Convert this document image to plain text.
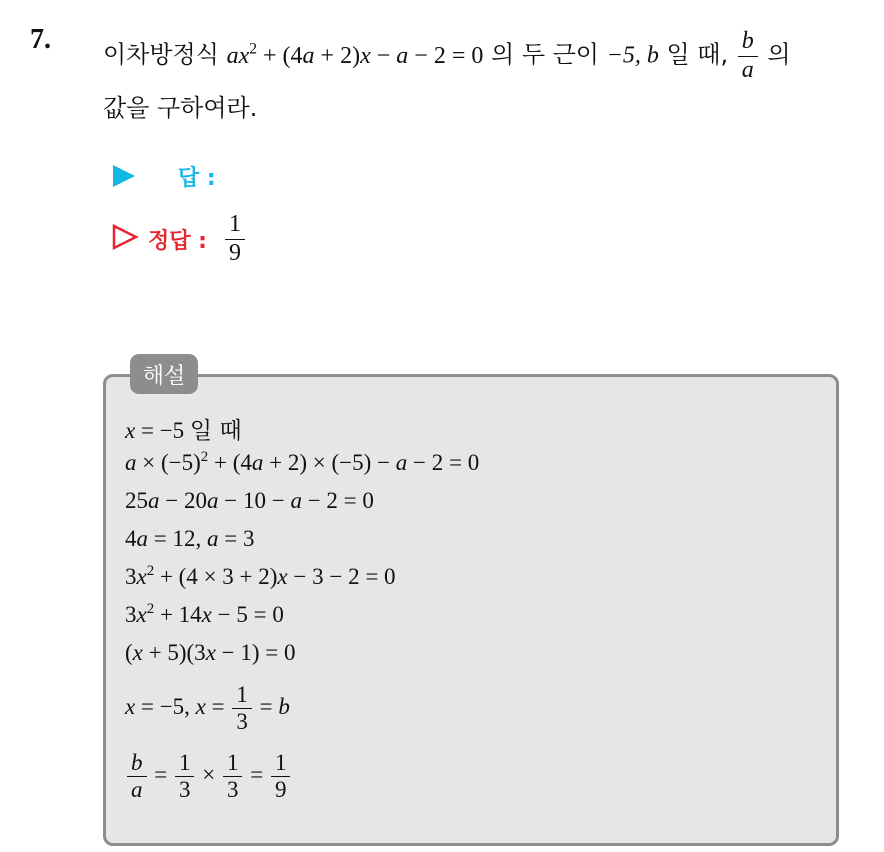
7. 이차방정식 $ax^2 + (4a + 2)x - a - 2 = 0$ 의 두 근이 −5, b 일 때, $\frac{b}{a}$ 의
값을 구하여라.
답 :
정답 : $\frac{1}{9}$
해설
x = −5 일 때
$a \times (-5)^2 + (4a + 2) \times (-5) - a - 2 = 0$
25a − 20a − 10 − a − 2 = 0
4a = 12, a = 3
$3x^2 + (4 \times 3 + 2)x - 3 - 2 = 0$
$3x^2 + 14x - 5 = 0$
(x + 5)(3x − 1) = 0
x = −5, $x = \frac{1}{3} = b$
$\frac{b}{a} = \frac{1}{3} \times \frac{1}{3} = \frac{1}{9}$
